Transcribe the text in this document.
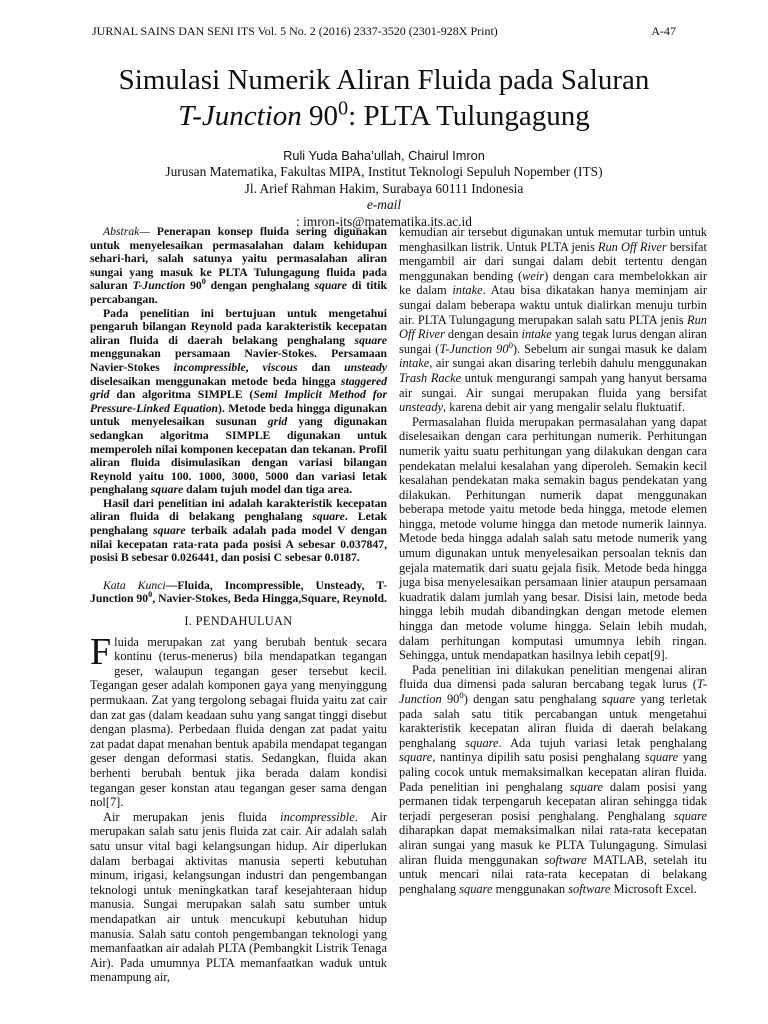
JURNAL SAINS DAN SENI ITS Vol. 5 No. 2 (2016) 2337-3520 (2301-928X Print)	A-47
Simulasi Numerik Aliran Fluida pada Saluran
T-Junction $90^0$: PLTA Tulungagung
Ruli Yuda Baha’ullah, Chairul Imron
Jurusan Matematika, Fakultas MIPA, Institut Teknologi Sepuluh Nopember (ITS)
Jl. Arief Rahman Hakim, Surabaya 60111 Indonesia
e-mail
: imron-its@matematika.its.ac.id

Abstrak— Penerapan konsep fluida sering digunakan untuk menyelesaikan permasalahan dalam kehidupan sehari-hari, salah satunya yaitu permasalahan aliran sungai yang masuk ke PLTA Tulungagung fluida pada saluran T-Junction $90^0$ dengan penghalang square di titik percabangan.

Pada penelitian ini bertujuan untuk mengetahui pengaruh bilangan Reynold pada karakteristik kecepatan aliran fluida di daerah belakang penghalang square menggunakan persamaan Navier-Stokes. Persamaan Navier-Stokes incompressible, viscous dan unsteady diselesaikan menggunakan metode beda hingga staggered grid dan algoritma SIMPLE (Semi Implicit Method for Pressure-Linked Equation). Metode beda hingga digunakan untuk menyelesaikan susunan grid yang digunakan sedangkan algoritma SIMPLE digunakan untuk memperoleh nilai komponen kecepatan dan tekanan. Profil aliran fluida disimulasikan dengan variasi bilangan Reynold yaitu 100. 1000, 3000, 5000 dan variasi letak penghalang square dalam tujuh model dan tiga area.

Hasil dari penelitian ini adalah karakteristik kecepatan aliran fluida di belakang penghalang square. Letak penghalang square terbaik adalah pada model V dengan nilai kecepatan rata-rata pada posisi A sebesar 0.037847, posisi B sebesar 0.026441, dan posisi C sebesar 0.0187.

Kata Kunci—Fluida, Incompressible, Unsteady, T-Junction $90^0$, Navier-Stokes, Beda Hingga,Square, Reynold.

I. PENDAHULUAN

Fluida merupakan zat yang berubah bentuk secara kontinu (terus-menerus) bila mendapatkan tegangan geser, walaupun tegangan geser tersebut kecil. Tegangan geser adalah komponen gaya yang menyinggung permukaan. Zat yang tergolong sebagai fluida yaitu zat cair dan zat gas (dalam keadaan suhu yang sangat tinggi disebut dengan plasma). Perbedaan fluida dengan zat padat yaitu zat padat dapat menahan bentuk apabila mendapat tegangan geser dengan deformasi statis. Sedangkan, fluida akan berhenti berubah bentuk jika berada dalam kondisi tegangan geser konstan atau tegangan geser sama dengan nol[7].

Air merupakan jenis fluida incompressible. Air merupakan salah satu jenis fluida zat cair. Air adalah salah satu unsur vital bagi kelangsungan hidup. Air diperlukan dalam berbagai aktivitas manusia seperti kebutuhan minum, irigasi, kelangsungan industri dan pengembangan teknologi untuk meningkatkan taraf kesejahteraan hidup manusia. Sungai merupakan salah satu sumber untuk mendapatkan air untuk mencukupi kebutuhan hidup manusia. Salah satu contoh pengembangan teknologi yang memanfaatkan air adalah PLTA (Pembangkit Listrik Tenaga Air). Pada umumnya PLTA memanfaatkan waduk untuk menampung air,

kemudian air tersebut digunakan untuk memutar turbin untuk menghasilkan listrik. Untuk PLTA jenis Run Off River bersifat mengambil air dari sungai dalam debit tertentu dengan menggunakan bending (weir) dengan cara membelokkan air ke dalam intake. Atau bisa dikatakan hanya meminjam air sungai dalam beberapa waktu untuk dialirkan menuju turbin air. PLTA Tulungagung merupakan salah satu PLTA jenis Run Off River dengan desain intake yang tegak lurus dengan aliran sungai (T-Junction $90^0$). Sebelum air sungai masuk ke dalam intake, air sungai akan disaring terlebih dahulu menggunakan Trash Racke untuk mengurangi sampah yang hanyut bersama air sungai. Air sungai merupakan fluida yang bersifat unsteady, karena debit air yang mengalir selalu fluktuatif.

Permasalahan fluida merupakan permasalahan yang dapat diselesaikan dengan cara perhitungan numerik. Perhitungan numerik yaitu suatu perhitungan yang dilakukan dengan cara pendekatan melalui kesalahan yang diperoleh. Semakin kecil kesalahan pendekatan maka semakin bagus pendekatan yang dilakukan. Perhitungan numerik dapat menggunakan beberapa metode yaitu metode beda hingga, metode elemen hingga, metode volume hingga dan metode numerik lainnya. Metode beda hingga adalah salah satu metode numerik yang umum digunakan untuk menyelesaikan persoalan teknis dan gejala matematik dari suatu gejala fisik. Metode beda hingga juga bisa menyelesaikan persamaan linier ataupun persamaan kuadratik dalam jumlah yang besar. Disisi lain, metode beda hingga lebih mudah dibandingkan dengan metode elemen hingga dan metode volume hingga. Selain lebih mudah, dalam perhitungan komputasi umumnya lebih ringan. Sehingga, untuk mendapatkan hasilnya lebih cepat[9].

Pada penelitian ini dilakukan penelitian mengenai aliran fluida dua dimensi pada saluran bercabang tegak lurus (T-Junction $90^0$) dengan satu penghalang square yang terletak pada salah satu titik percabangan untuk mengetahui karakteristik kecepatan aliran fluida di daerah belakang penghalang square. Ada tujuh variasi letak penghalang square, nantinya dipilih satu posisi penghalang square yang paling cocok untuk memaksimalkan kecepatan aliran fluida. Pada penelitian ini penghalang square dalam posisi yang permanen tidak terpengaruh kecepatan aliran sehingga tidak terjadi pergeseran posisi penghalang. Penghalang square diharapkan dapat memaksimalkan nilai rata-rata kecepatan aliran sungai yang masuk ke PLTA Tulungagung. Simulasi aliran fluida menggunakan software MATLAB, setelah itu untuk mencari nilai rata-rata kecepatan di belakang penghalang square menggunakan software Microsoft Excel.
